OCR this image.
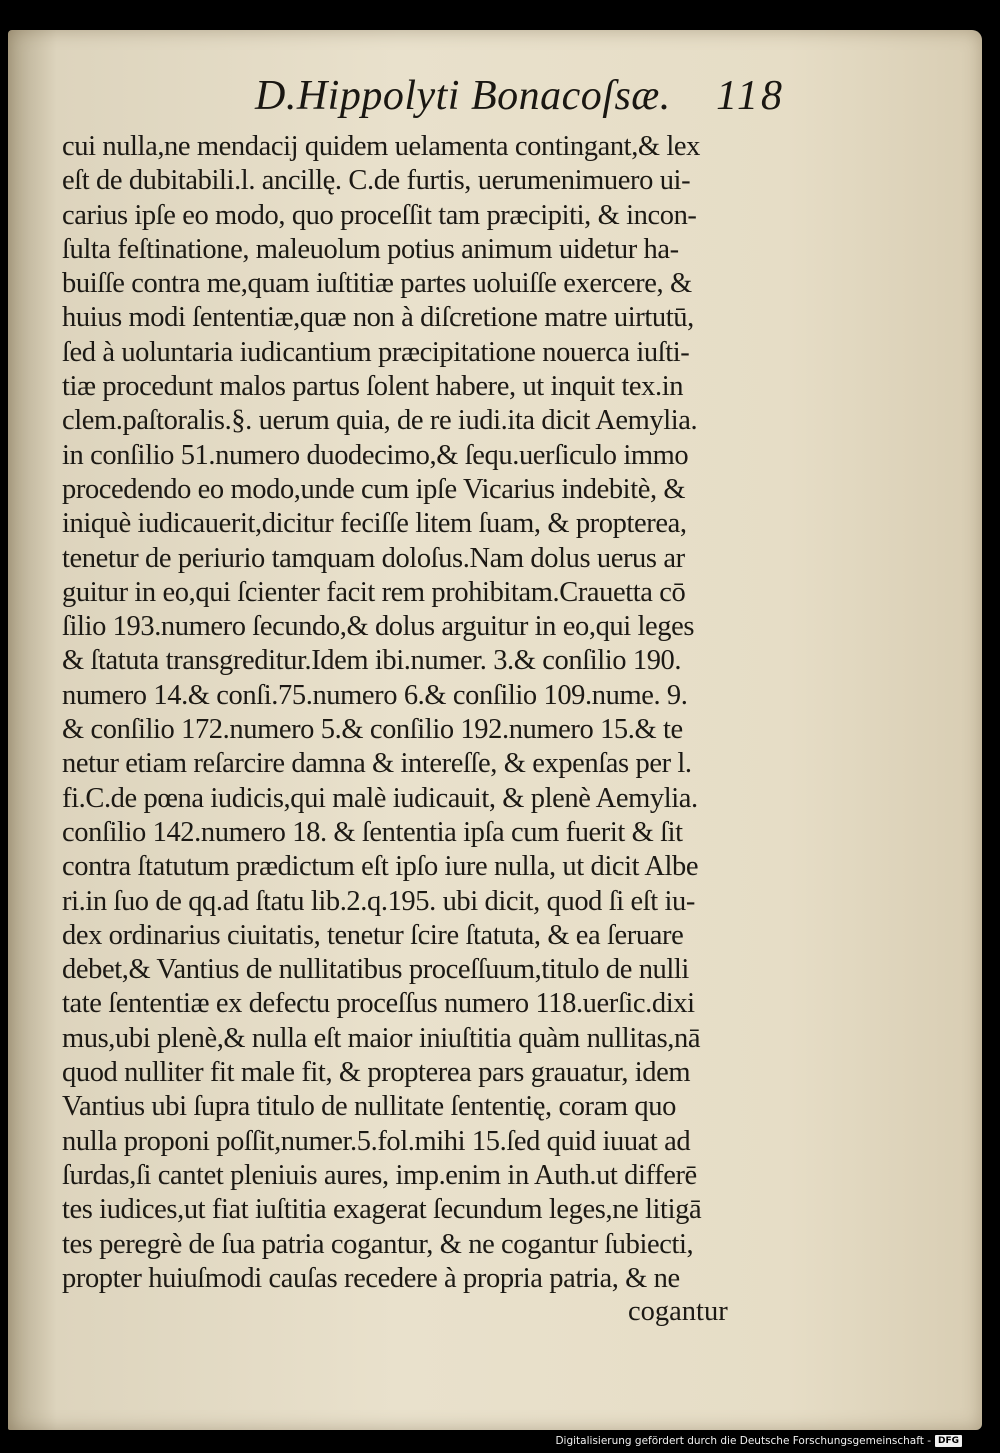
D.Hippolyti Bonacoſsæ. 118
cui nulla,ne mendacij quidem uelamenta contingant,& lex
eſt de dubitabili.l. ancillę. C.de furtis, uerumenimuero ui-
carius ipſe eo modo, quo proceſſit tam præcipiti, & incon-
ſulta feſtinatione, maleuolum potius animum uidetur ha-
buiſſe contra me,quam iuſtitiæ partes uoluiſſe exercere, &
huius modi ſententiæ,quæ non à diſcretione matre uirtutū,
ſed à uoluntaria iudicantium præcipitatione nouerca iuſti-
tiæ procedunt malos partus ſolent habere, ut inquit tex.in
clem.paſtoralis.§. uerum quia, de re iudi.ita dicit Aemylia.
in conſilio 51.numero duodecimo,& ſequ.uerſiculo immo
procedendo eo modo,unde cum ipſe Vicarius indebitè, &
iniquè iudicauerit,dicitur feciſſe litem ſuam, & propterea,
tenetur de periurio tamquam doloſus.Nam dolus uerus ar
guitur in eo,qui ſcienter facit rem prohibitam.Crauetta cō
ſilio 193.numero ſecundo,& dolus arguitur in eo,qui leges
& ſtatuta transgreditur.Idem ibi.numer. 3.& conſilio 190.
numero 14.& conſi.75.numero 6.& conſilio 109.nume. 9.
& conſilio 172.numero 5.& conſilio 192.numero 15.& te
netur etiam reſarcire damna & intereſſe, & expenſas per l.
fi.C.de pœna iudicis,qui malè iudicauit, & plenè Aemylia.
conſilio 142.numero 18. & ſententia ipſa cum fuerit & ſit
contra ſtatutum prædictum eſt ipſo iure nulla, ut dicit Albe
ri.in ſuo de qq.ad ſtatu lib.2.q.195. ubi dicit, quod ſi eſt iu-
dex ordinarius ciuitatis, tenetur ſcire ſtatuta, & ea ſeruare
debet,& Vantius de nullitatibus proceſſuum,titulo de nulli
tate ſententiæ ex defectu proceſſus numero 118.uerſic.dixi
mus,ubi plenè,& nulla eſt maior iniuſtitia quàm nullitas,nā
quod nulliter fit male fit, & propterea pars grauatur, idem
Vantius ubi ſupra titulo de nullitate ſententię, coram quo
nulla proponi poſſit,numer.5.fol.mihi 15.ſed quid iuuat ad
ſurdas,ſi cantet pleniuis aures, imp.enim in Auth.ut differē
tes iudices,ut fiat iuſtitia exagerat ſecundum leges,ne litigā
tes peregrè de ſua patria cogantur, & ne cogantur ſubiecti,
propter huiuſmodi cauſas recedere à propria patria, & ne
cogantur
Digitalisierung gefördert durch die Deutsche Forschungsgemeinschaft - DFG
